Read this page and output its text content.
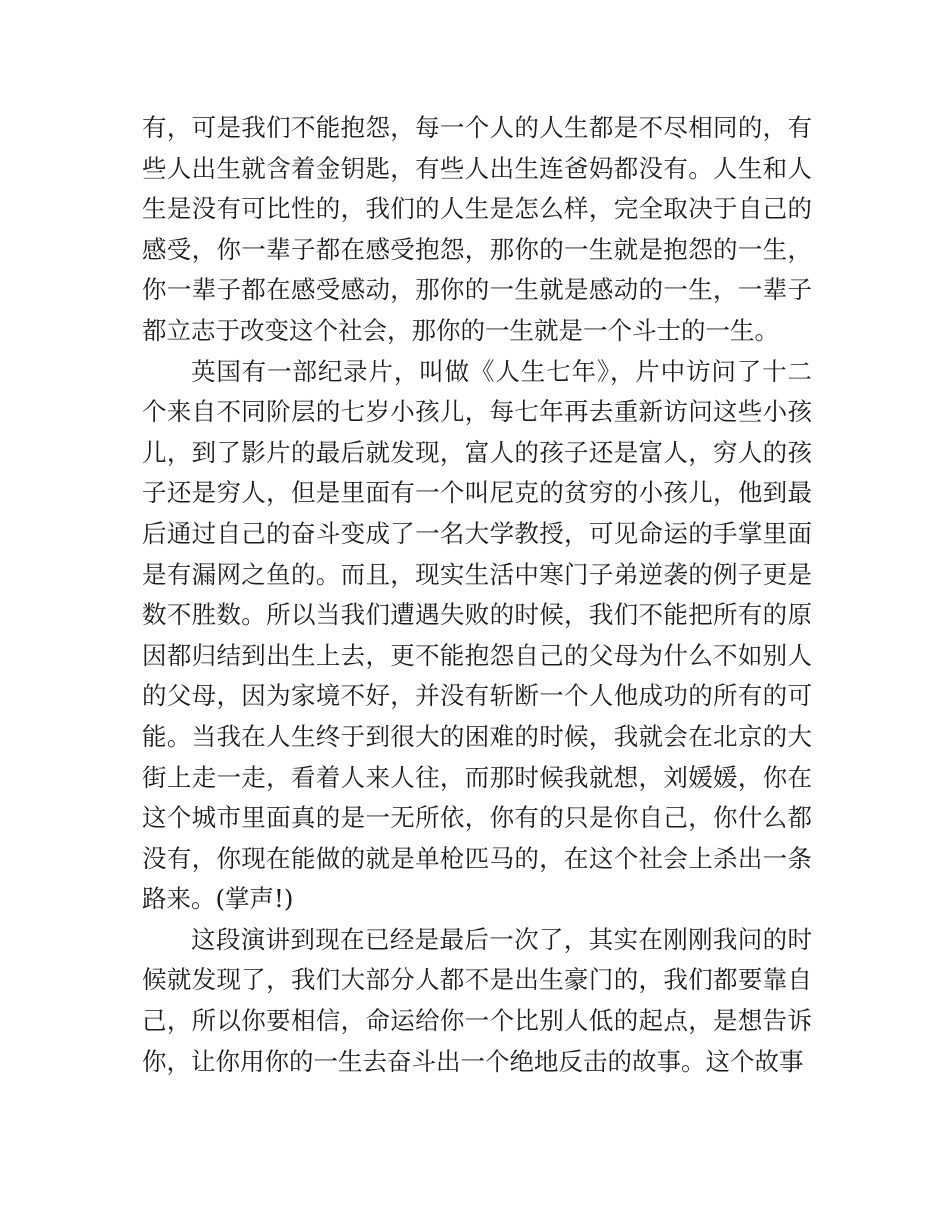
有，可是我们不能抱怨，每一个人的人生都是不尽相同的，有些人出生就含着金钥匙，有些人出生连爸妈都没有。人生和人生是没有可比性的，我们的人生是怎么样，完全取决于自己的感受，你一辈子都在感受抱怨，那你的一生就是抱怨的一生，你一辈子都在感受感动，那你的一生就是感动的一生，一辈子都立志于改变这个社会，那你的一生就是一个斗士的一生。

英国有一部纪录片，叫做《人生七年》，片中访问了十二个来自不同阶层的七岁小孩儿，每七年再去重新访问这些小孩儿，到了影片的最后就发现，富人的孩子还是富人，穷人的孩子还是穷人，但是里面有一个叫尼克的贫穷的小孩儿，他到最后通过自己的奋斗变成了一名大学教授，可见命运的手掌里面是有漏网之鱼的。而且，现实生活中寒门子弟逆袭的例子更是数不胜数。所以当我们遭遇失败的时候，我们不能把所有的原因都归结到出生上去，更不能抱怨自己的父母为什么不如别人的父母，因为家境不好，并没有斩断一个人他成功的所有的可能。当我在人生终于到很大的困难的时候，我就会在北京的大街上走一走，看着人来人往，而那时候我就想，刘媛媛，你在这个城市里面真的是一无所依，你有的只是你自己，你什么都没有，你现在能做的就是单枪匹马的，在这个社会上杀出一条路来。(掌声!)

这段演讲到现在已经是最后一次了，其实在刚刚我问的时候就发现了，我们大部分人都不是出生豪门的，我们都要靠自己，所以你要相信，命运给你一个比别人低的起点，是想告诉你，让你用你的一生去奋斗出一个绝地反击的故事。这个故事
